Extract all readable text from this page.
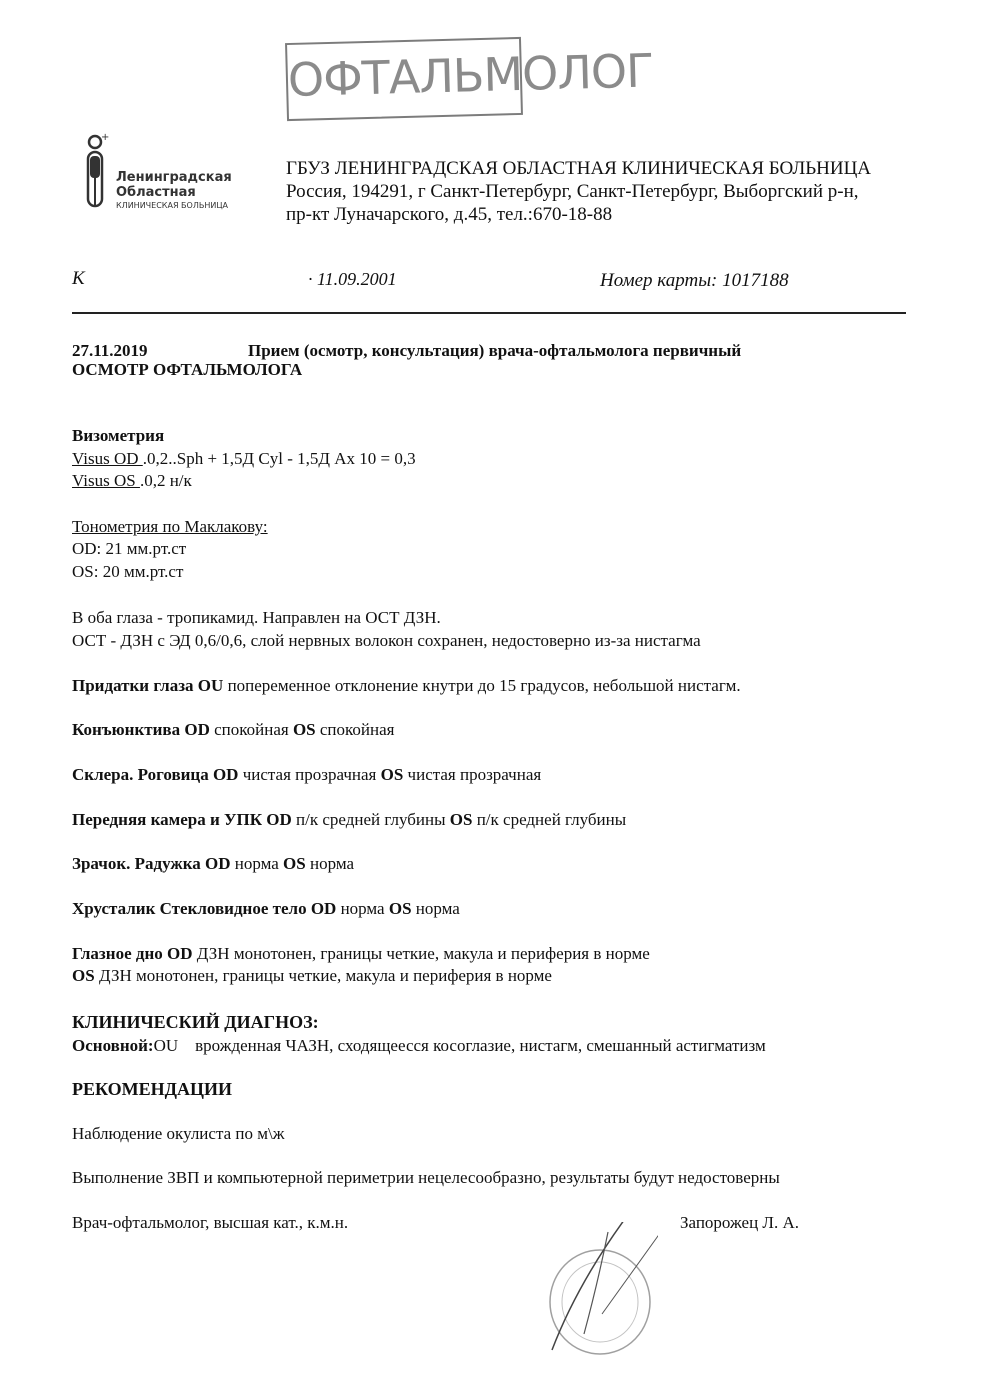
ОФТАЛЬМОЛОГ
+
Ленинградская
Областная
КЛИНИЧЕСКАЯ БОЛЬНИЦА
ГБУЗ ЛЕНИНГРАДСКАЯ ОБЛАСТНАЯ КЛИНИЧЕСКАЯ БОЛЬНИЦА
Россия, 194291, г Санкт-Петербург, Санкт-Петербург, Выборгский р-н,
пр-кт Луначарского, д.45, тел.:670-18-88
К	· 11.09.2001	Номер карты: 1017188
27.11.2019	Прием (осмотр, консультация) врача-офтальмолога первичный
ОСМОТР ОФТАЛЬМОЛОГА
Визометрия
Visus OD .0,2..Sph + 1,5Д Cyl - 1,5Д Ax 10 = 0,3
Visus OS .0,2 н/к
Тонометрия по Маклакову:
OD: 21 мм.рт.ст
OS: 20 мм.рт.ст
В оба глаза - тропикамид. Направлен на ОСТ ДЗН.
ОСТ - ДЗН с ЭД 0,6/0,6, слой нервных волокон сохранен, недостоверно из-за нистагма
Придатки глаза OU попеременное отклонение кнутри до 15 градусов, небольшой нистагм.
Конъюнктива OD спокойная OS спокойная
Склера. Роговица OD чистая прозрачная OS чистая прозрачная
Передняя камера и УПК OD п/к средней глубины OS п/к средней глубины
Зрачок. Радужка OD норма OS норма
Хрусталик Стекловидное тело OD норма OS норма
Глазное дно OD ДЗН монотонен, границы четкие, макула и периферия в норме
OS ДЗН монотонен, границы четкие, макула и периферия в норме
КЛИНИЧЕСКИЙ ДИАГНОЗ:
Основной:OU    врожденная ЧАЗН, сходящеесся косоглазие, нистагм, смешанный астигматизм
РЕКОМЕНДАЦИИ
Наблюдение окулиста по м\ж
Выполнение ЗВП и компьютерной периметрии нецелесообразно, результаты будут недостоверны
Врач-офтальмолог, высшая кат., к.м.н.	Запорожец Л. А.
